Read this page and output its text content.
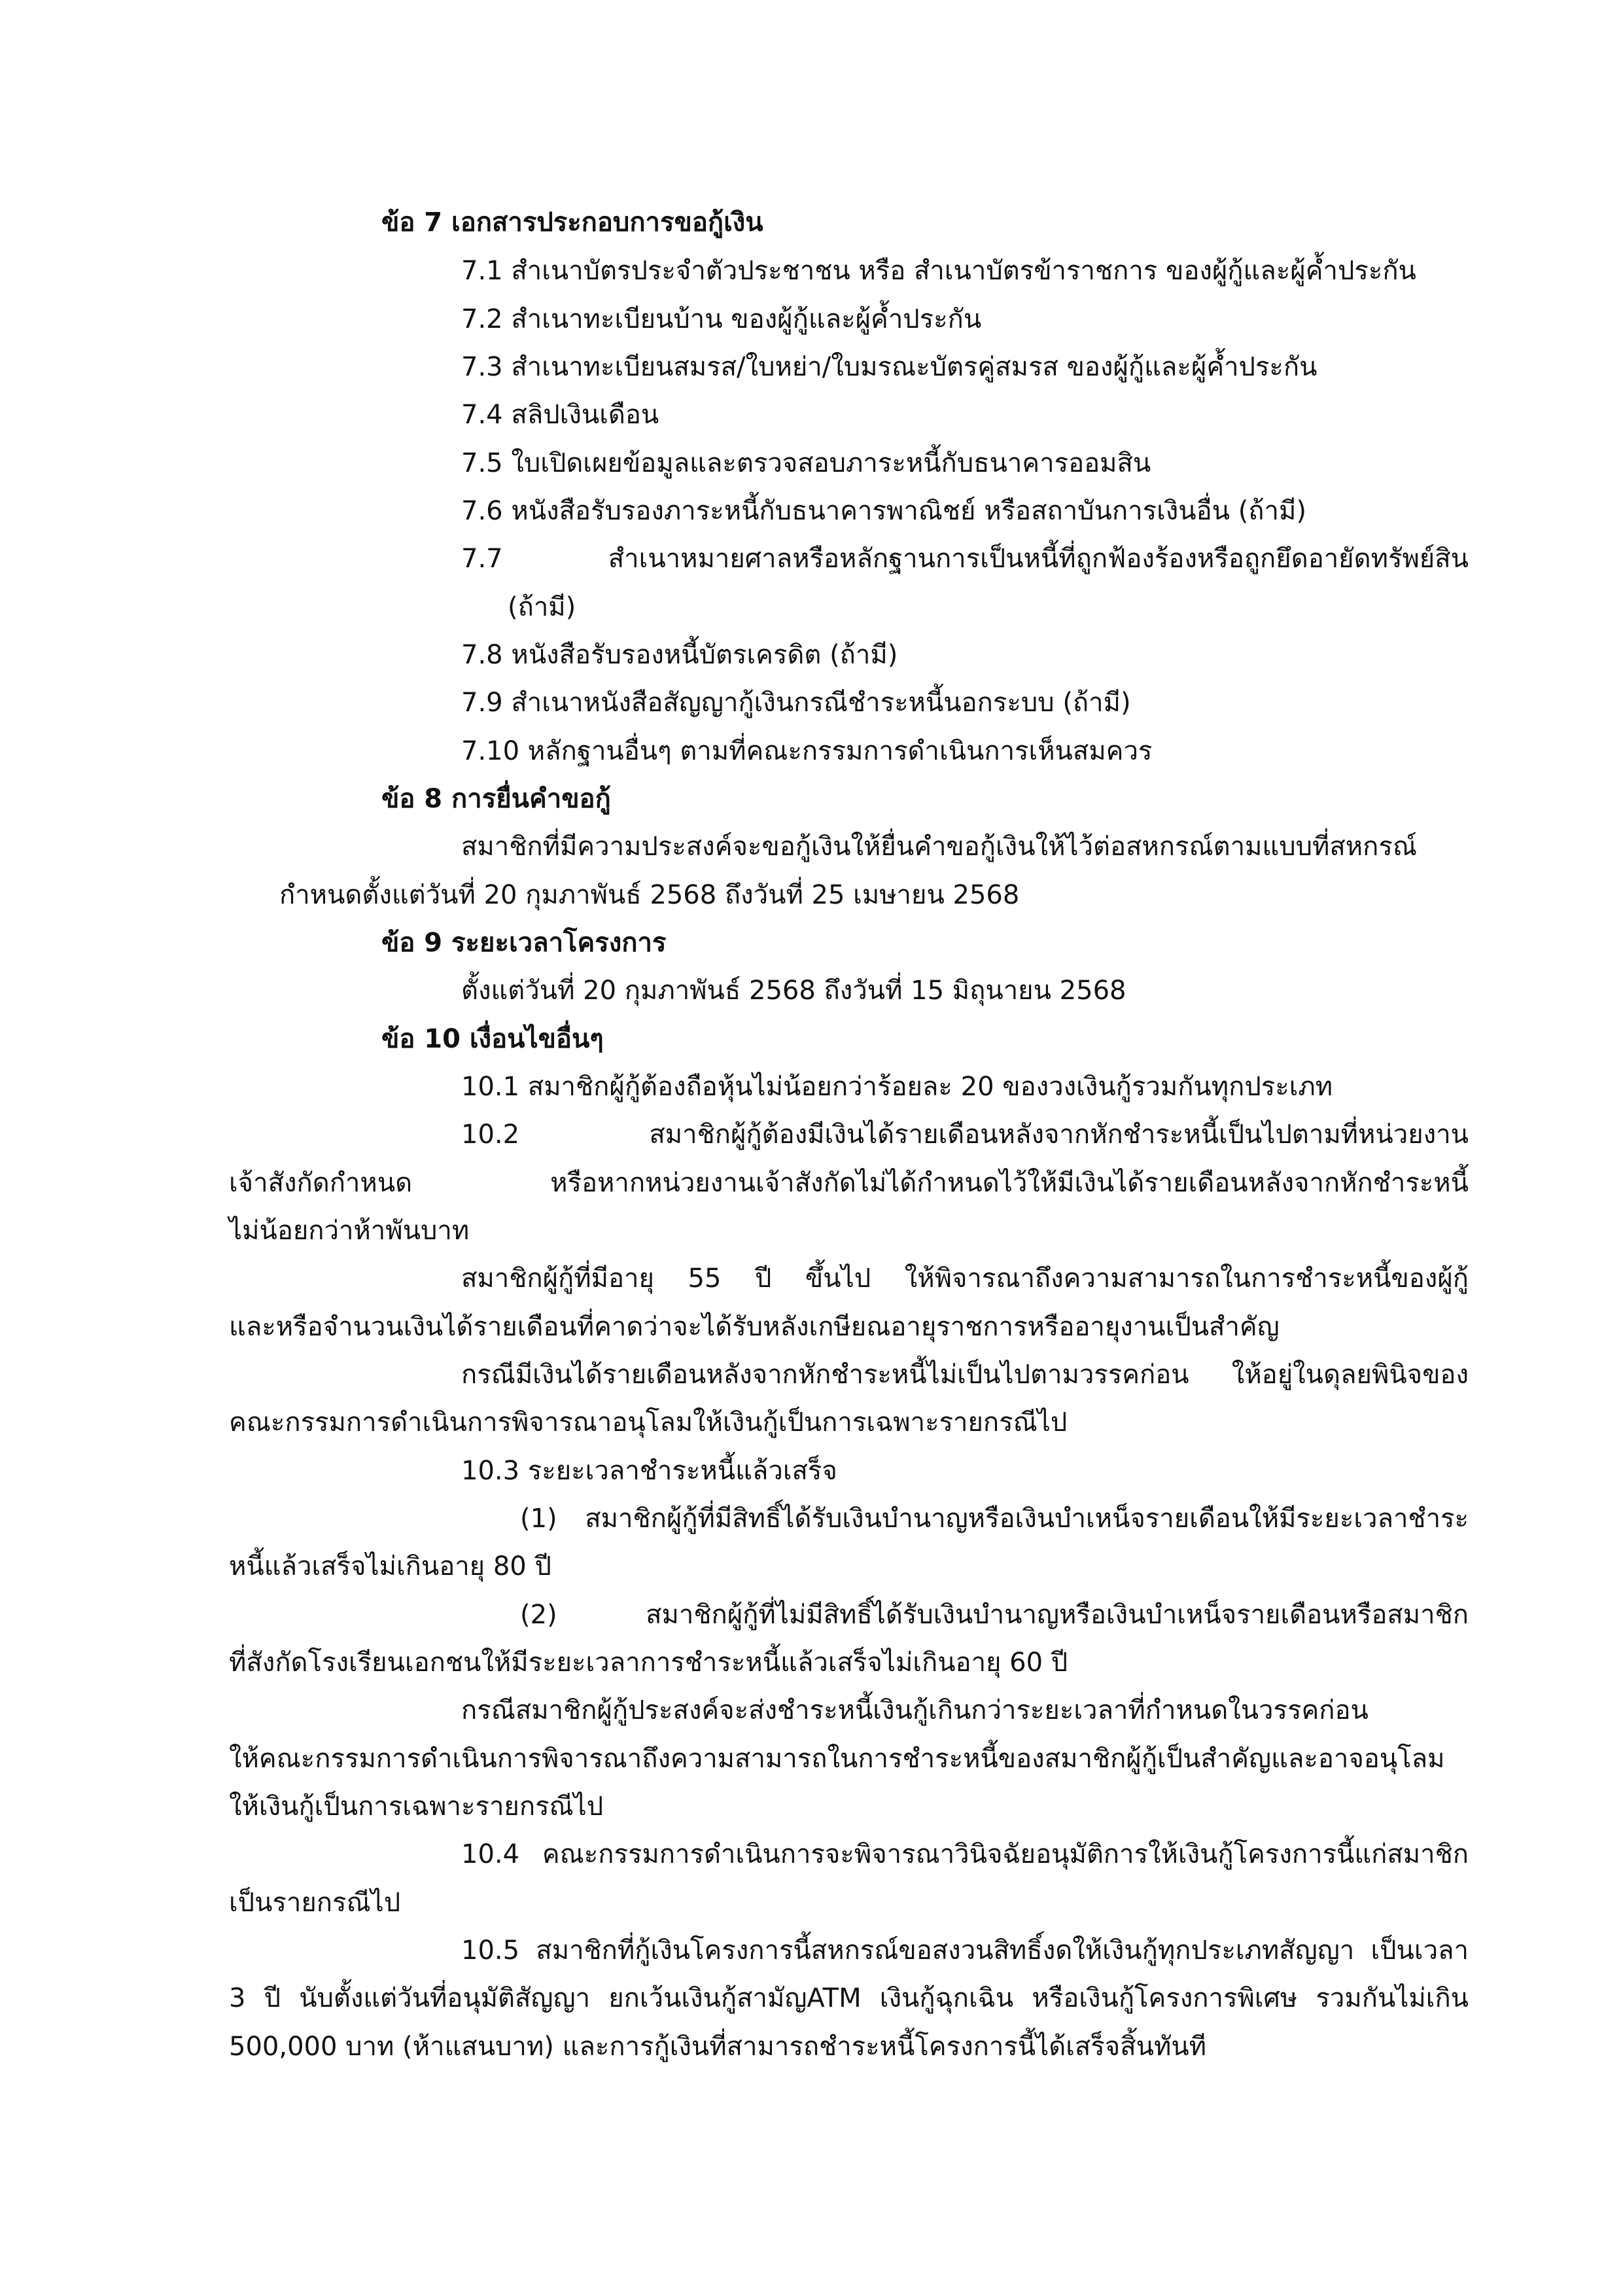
ข้อ 7 เอกสารประกอบการขอกู้เงิน
7.1 สำเนาบัตรประจำตัวประชาชน หรือ สำเนาบัตรข้าราชการ ของผู้กู้และผู้ค้ำประกัน
7.2 สำเนาทะเบียนบ้าน ของผู้กู้และผู้ค้ำประกัน
7.3 สำเนาทะเบียนสมรส/ใบหย่า/ใบมรณะบัตรคู่สมรส ของผู้กู้และผู้ค้ำประกัน
7.4 สลิปเงินเดือน
7.5 ใบเปิดเผยข้อมูลและตรวจสอบภาระหนี้กับธนาคารออมสิน
7.6 หนังสือรับรองภาระหนี้กับธนาคารพาณิชย์ หรือสถาบันการเงินอื่น (ถ้ามี)
7.7 สำเนาหมายศาลหรือหลักฐานการเป็นหนี้ที่ถูกฟ้องร้องหรือถูกยึดอายัดทรัพย์สิน
(ถ้ามี)
7.8 หนังสือรับรองหนี้บัตรเครดิต (ถ้ามี)
7.9 สำเนาหนังสือสัญญากู้เงินกรณีชำระหนี้นอกระบบ (ถ้ามี)
7.10 หลักฐานอื่นๆ ตามที่คณะกรรมการดำเนินการเห็นสมควร
ข้อ 8 การยื่นคำขอกู้
สมาชิกที่มีความประสงค์จะขอกู้เงินให้ยื่นคำขอกู้เงินให้ไว้ต่อสหกรณ์ตามแบบที่สหกรณ์
กำหนดตั้งแต่วันที่ 20 กุมภาพันธ์ 2568 ถึงวันที่ 25 เมษายน 2568
ข้อ 9 ระยะเวลาโครงการ
ตั้งแต่วันที่ 20 กุมภาพันธ์ 2568 ถึงวันที่ 15 มิถุนายน 2568
ข้อ 10 เงื่อนไขอื่นๆ
10.1 สมาชิกผู้กู้ต้องถือหุ้นไม่น้อยกว่าร้อยละ 20 ของวงเงินกู้รวมกันทุกประเภท
10.2 สมาชิกผู้กู้ต้องมีเงินได้รายเดือนหลังจากหักชำระหนี้เป็นไปตามที่หน่วยงาน
เจ้าสังกัดกำหนด หรือหากหน่วยงานเจ้าสังกัดไม่ได้กำหนดไว้ให้มีเงินได้รายเดือนหลังจากหักชำระหนี้
ไม่น้อยกว่าห้าพันบาท
สมาชิกผู้กู้ที่มีอายุ 55 ปี ขึ้นไป ให้พิจารณาถึงความสามารถในการชำระหนี้ของผู้กู้
และหรือจำนวนเงินได้รายเดือนที่คาดว่าจะได้รับหลังเกษียณอายุราชการหรืออายุงานเป็นสำคัญ
กรณีมีเงินได้รายเดือนหลังจากหักชำระหนี้ไม่เป็นไปตามวรรคก่อน ให้อยู่ในดุลยพินิจของ
คณะกรรมการดำเนินการพิจารณาอนุโลมให้เงินกู้เป็นการเฉพาะรายกรณีไป
10.3 ระยะเวลาชำระหนี้แล้วเสร็จ
(1) สมาชิกผู้กู้ที่มีสิทธิ์ได้รับเงินบำนาญหรือเงินบำเหน็จรายเดือนให้มีระยะเวลาชำระ
หนี้แล้วเสร็จไม่เกินอายุ 80 ปี
(2) สมาชิกผู้กู้ที่ไม่มีสิทธิ์ได้รับเงินบำนาญหรือเงินบำเหน็จรายเดือนหรือสมาชิก
ที่สังกัดโรงเรียนเอกชนให้มีระยะเวลาการชำระหนี้แล้วเสร็จไม่เกินอายุ 60 ปี
กรณีสมาชิกผู้กู้ประสงค์จะส่งชำระหนี้เงินกู้เกินกว่าระยะเวลาที่กำหนดในวรรคก่อน
ให้คณะกรรมการดำเนินการพิจารณาถึงความสามารถในการชำระหนี้ของสมาชิกผู้กู้เป็นสำคัญและอาจอนุโลม
ให้เงินกู้เป็นการเฉพาะรายกรณีไป
10.4 คณะกรรมการดำเนินการจะพิจารณาวินิจฉัยอนุมัติการให้เงินกู้โครงการนี้แก่สมาชิก
เป็นรายกรณีไป
10.5 สมาชิกที่กู้เงินโครงการนี้สหกรณ์ขอสงวนสิทธิ์งดให้เงินกู้ทุกประเภทสัญญา เป็นเวลา
3 ปี นับตั้งแต่วันที่อนุมัติสัญญา ยกเว้นเงินกู้สามัญATM เงินกู้ฉุกเฉิน หรือเงินกู้โครงการพิเศษ รวมกันไม่เกิน
500,000 บาท (ห้าแสนบาท) และการกู้เงินที่สามารถชำระหนี้โครงการนี้ได้เสร็จสิ้นทันที
